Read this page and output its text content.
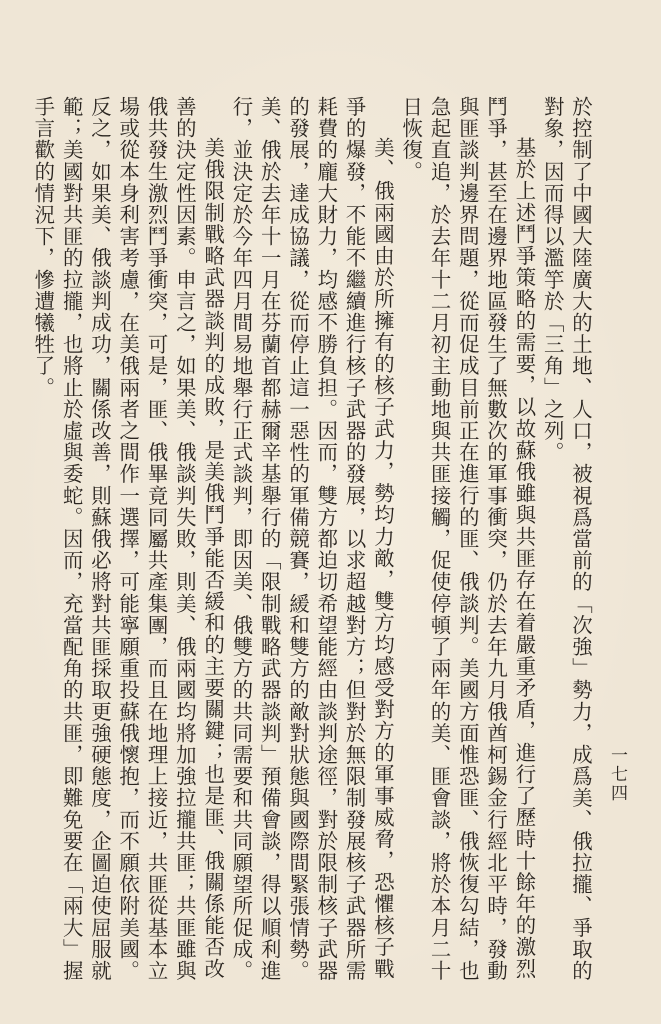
一七四

於控制了中國大陸廣大的土地、人口，被視爲當前的「次強」勢力，成爲美、俄拉攏、爭取的對象，因而得以濫竽於「三角」之列。

基於上述鬥爭策略的需要，以故蘇俄雖與共匪存在着嚴重矛盾，進行了歷時十餘年的激烈鬥爭，甚至在邊界地區發生了無數次的軍事衝突，仍於去年九月俄酋柯錫金行經北平時，發動與匪談判邊界問題，從而促成目前正在進行的匪、俄談判。美國方面惟恐匪、俄恢復勾結，也急起直追，於去年十二月初主動地與共匪接觸，促使停頓了兩年的美、匪會談，將於本月二十日恢復。

美、俄兩國由於所擁有的核子武力，勢均力敵，雙方均感受對方的軍事威脅，恐懼核子戰爭的爆發，不能不繼續進行核子武器的發展，以求超越對方；但對於無限制發展核子武器所需耗費的龐大財力，均感不勝負担。因而，雙方都迫切希望能經由談判途徑，對於限制核子武器的發展，達成協議，從而停止這一惡性的軍備競賽，緩和雙方的敵對狀態與國際間緊張情勢。美、俄於去年十一月在芬蘭首都赫爾辛基舉行的「限制戰略武器談判」預備會談，得以順利進行，並決定於今年四月間易地舉行正式談判，即因美、俄雙方的共同需要和共同願望所促成。

美俄限制戰略武器談判的成敗，是美俄鬥爭能否緩和的主要關鍵；也是匪、俄關係能否改善的決定性因素。申言之，如果美、俄談判失敗，則美、俄兩國均將加強拉攏共匪；共匪雖與俄共發生激烈鬥爭衝突，可是，匪、俄畢竟同屬共產集團，而且在地理上接近，共匪從基本立場或從本身利害考慮，在美俄兩者之間作一選擇，可能寧願重投蘇俄懷抱，而不願依附美國。反之，如果美、俄談判成功，關係改善，則蘇俄必將對共匪採取更強硬態度，企圖迫使屈服就範；美國對共匪的拉攏，也將止於虛與委蛇。因而，充當配角的共匪，即難免要在「兩大」握手言歡的情況下，慘遭犧牲了。
